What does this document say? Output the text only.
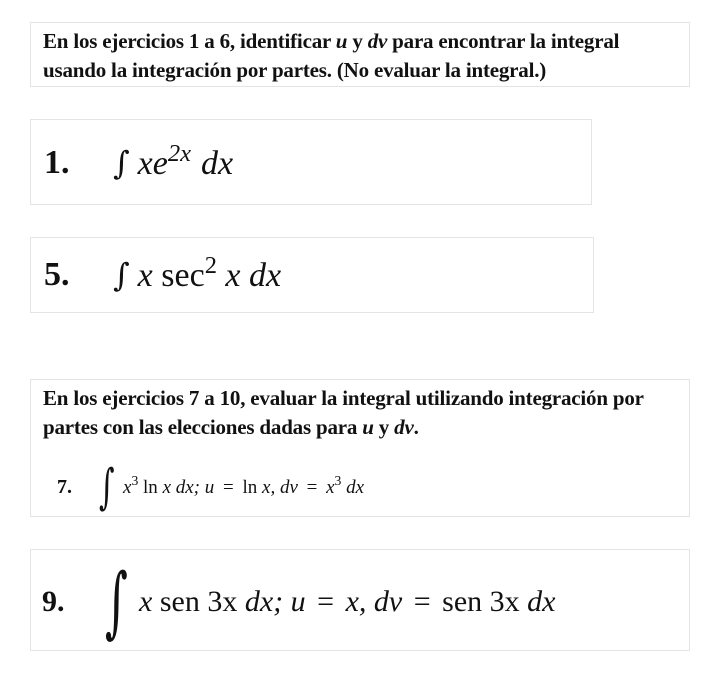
En los ejercicios 1 a 6, identificar u y dv para encontrar la integral usando la integración por partes. (No evaluar la integral.)
1. ∫ $xe^{2x}$ dx
5. ∫ x $\sec^2 x$ dx
En los ejercicios 7 a 10, evaluar la integral utilizando integración por partes con las elecciones dadas para u y dv.
7. ∫ $x^3$ ln x dx; u = ln x, dv = $x^3$ dx
9. ∫ x sen 3x dx; u = x, dv = sen 3x dx
